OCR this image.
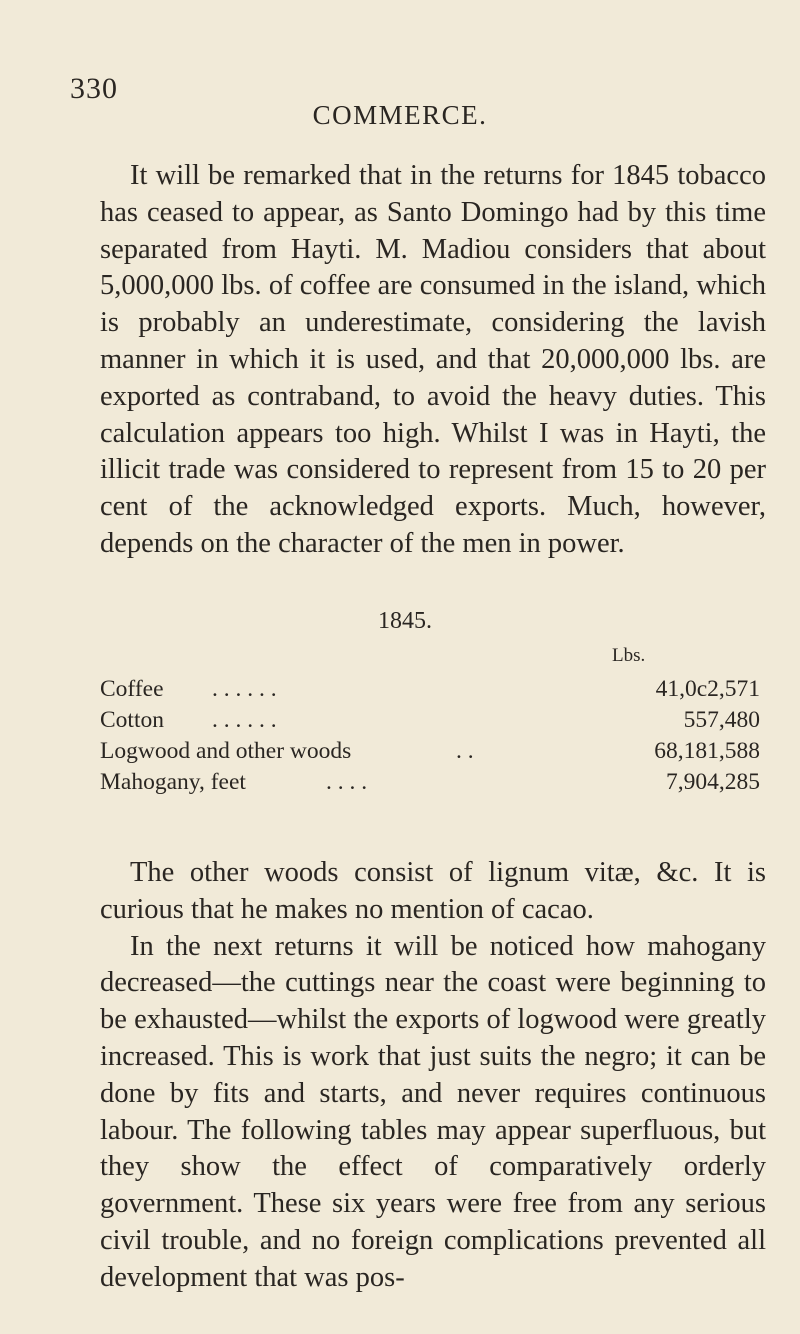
330
COMMERCE.

It will be remarked that in the returns for 1845 tobacco has ceased to appear, as Santo Domingo had by this time separated from Hayti. M. Madiou considers that about 5,000,000 lbs. of coffee are consumed in the island, which is probably an underestimate, considering the lavish manner in which it is used, and that 20,000,000 lbs. are exported as contraband, to avoid the heavy duties. This calculation appears too high. Whilst I was in Hayti, the illicit trade was considered to represent from 15 to 20 per cent of the acknowledged exports. Much, however, depends on the character of the men in power.

1845.
Lbs.
Coffee . . . . . .	41,0c2,571
Cotton . . . . . .	557,480
Logwood and other woods	. .	68,181,588
Mahogany, feet	. . . .	7,904,285
The other woods consist of lignum vitæ, &c. It is curious that he makes no mention of cacao.
In the next returns it will be noticed how mahogany decreased—the cuttings near the coast were beginning to be exhausted—whilst the exports of logwood were greatly increased. This is work that just suits the negro; it can be done by fits and starts, and never requires continuous labour. The following tables may appear superfluous, but they show the effect of comparatively orderly government. These six years were free from any serious civil trouble, and no foreign complications prevented all development that was pos-
